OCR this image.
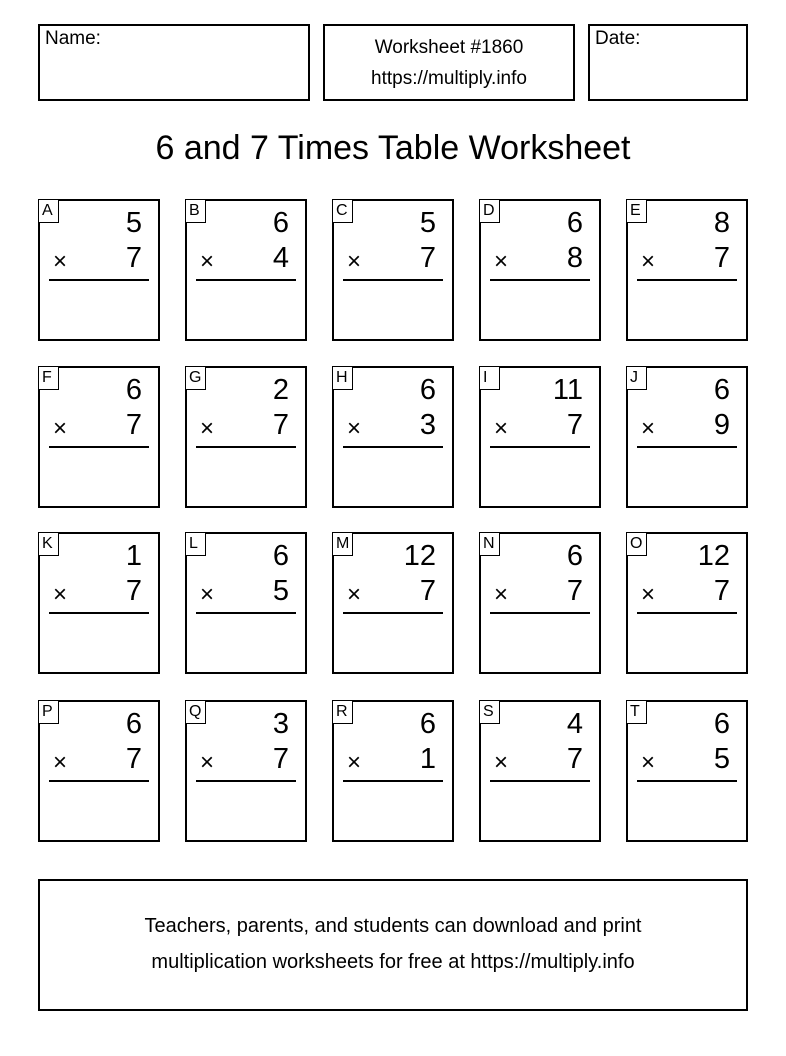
Name:	Worksheet #1860
https://multiply.info
Date:
6 and 7 Times Table Worksheet
A	5
× 7
B	6
× 4
C 5
× 7
D 6
× 8
E	8
× 7
F	6
× 7
G 2
× 7
H 6
× 3
I	11
× 7
J	6
× 9
K	1
× 7
L	6
× 5
M 12
× 7
N 6
× 7
O 12
× 7
P	6
× 7
Q 3
× 7
R 6
× 1
S	4
× 7
T	6
× 5
Teachers, parents, and students can download and print
multiplication worksheets for free at https://multiply.info
